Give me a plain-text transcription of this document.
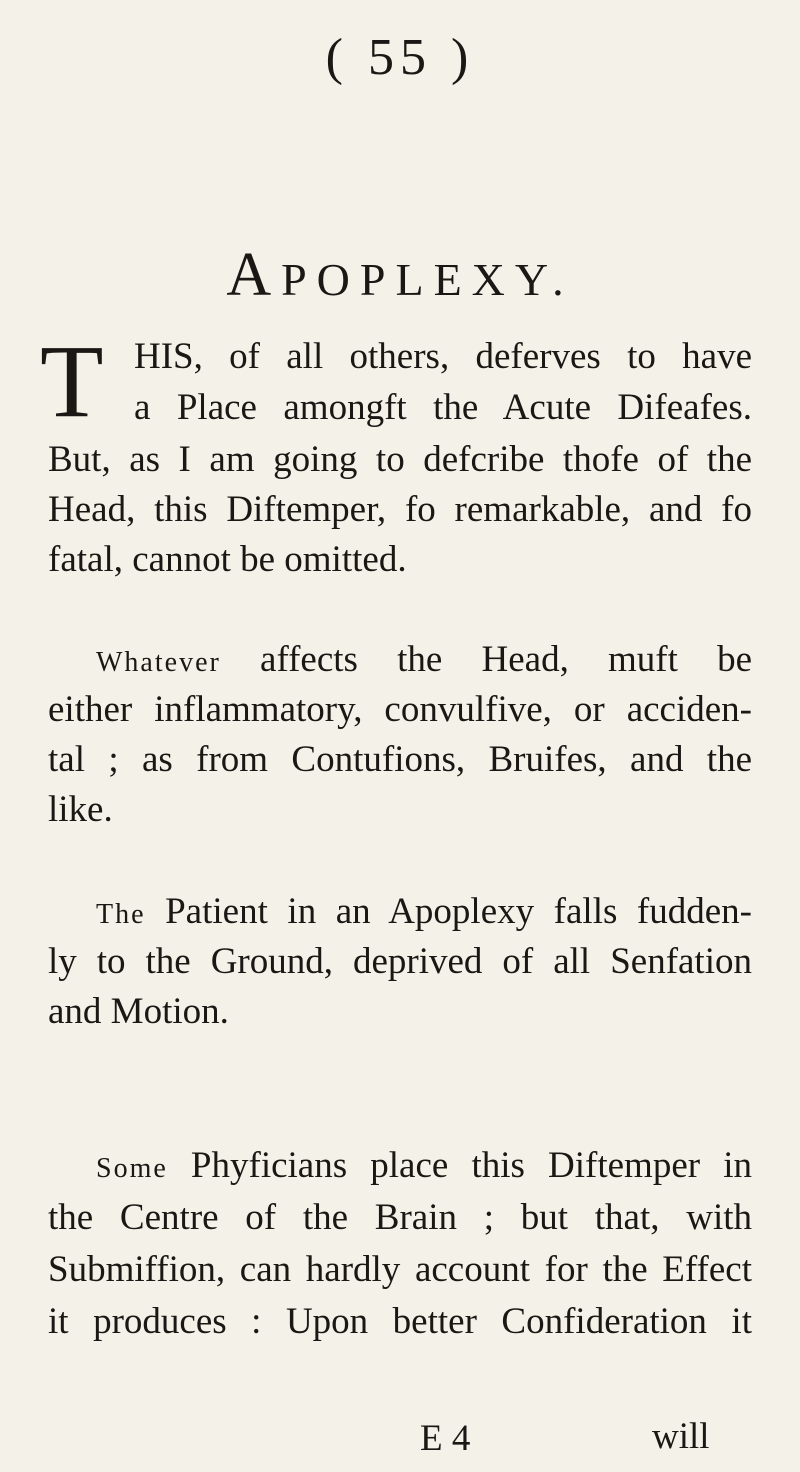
( 55 )
APOPLEXY.
T HIS, of all others, deferves to have
a Place amongft the Acute Difeafes.
But, as I am going to defcribe thofe of the
Head, this Diftemper, fo remarkable, and fo
fatal, cannot be omitted.
Whatever affects the Head, muft be
either inflammatory, convulfive, or acciden-
tal ; as from Contufions, Bruifes, and the
like.
The Patient in an Apoplexy falls fudden-
ly to the Ground, deprived of all Senfation
and Motion.
Some Phyficians place this Diftemper in
the Centre of the Brain ; but that, with
Submiffion, can hardly account for the Effect
it produces : Upon better Confideration it
E 4	will
